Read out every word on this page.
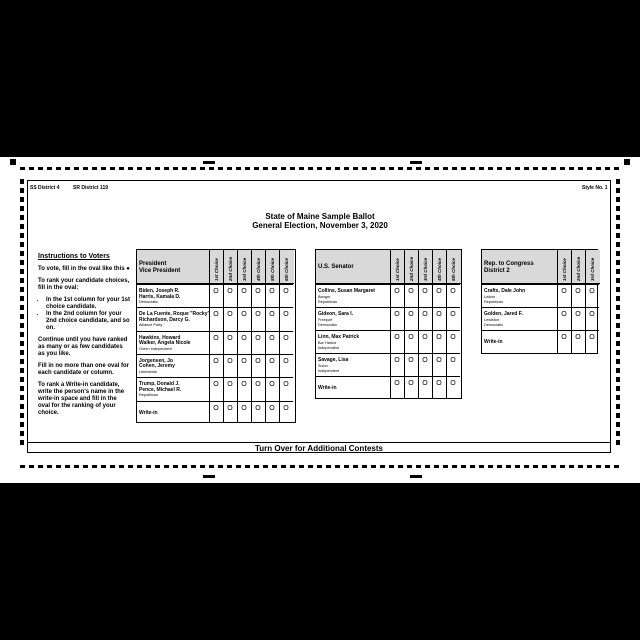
SS District 4	SR District 119	Style No. 1
State of Maine Sample Ballot
General Election, November 3, 2020
Instructions to Voters

To vote, fill in the oval like this ●

To rank your candidate choices, fill in the oval:

• In the 1st column for your 1st choice candidate.
• In the 2nd column for your 2nd choice candidate, and so on.

Continue until you have ranked as many or as few candidates as you like.

Fill in no more than one oval for each candidate or column.

To rank a Write-in candidate, write the person's name in the write-in space and fill in the oval for the ranking of your choice.

President
Vice President	1st Choice 2nd Choice 3rd Choice 4th Choice 5th Choice 6th Choice
Biden, Joseph R.
Harris, Kamala D.
Democratic
O	O	O	O	O	O
De La Fuente, Roque "Rocky"
Richardson, Darcy G.
Alliance Party
O	O	O	O	O	O
Hawkins, Howard
Walker, Angela Nicole
Green Independent
O	O	O	O	O	O
Jorgensen, Jo
Cohen, Jeremy
Libertarian
O	O	O	O	O	O
Trump, Donald J.
Pence, Michael R.
Republican
O	O	O	O	O	O
Write-in
O	O	O	O	O	O
U.S. Senator	1st Choice 2nd Choice 3rd Choice 4th Choice 5th Choice
Collins, Susan Margaret
Bangor
Republican
O	O	O	O	O
Gideon, Sara I.
Freeport
Democratic
O	O	O	O	O
Linn, Max Patrick
Bar Harbor
Independent
O	O	O	O	O
Savage, Lisa
Solon
Independent
O	O	O	O	O
Write-in
O	O	O	O	O
Rep. to Congress
District 2	1st Choice 2nd Choice 3rd Choice
Crafts, Dale John
Lisbon
Republican
O	O	O
Golden, Jared F.
Lewiston
Democratic
O	O	O
Write-in
O	O	O
Turn Over for Additional Contests
